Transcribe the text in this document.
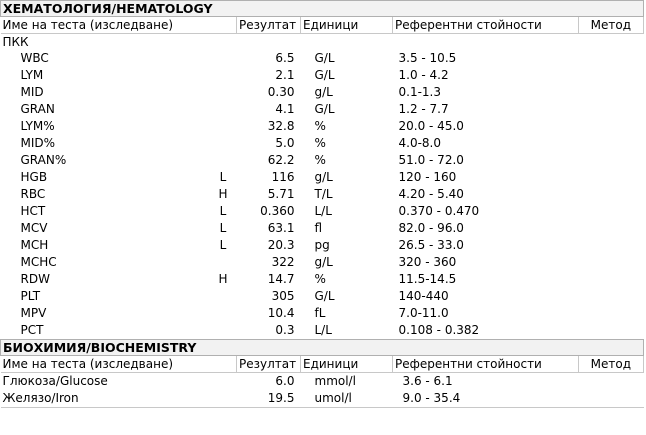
ХЕМАТОЛОГИЯ/HEMATOLOGY					
Име на теста (изследване)		Резултат	Единици	Референтни стойности	Метод
ПКК					
WBC		6.5	G/L	3.5 - 10.5	
LYM		2.1	G/L	1.0 - 4.2	
MID		0.30	g/L	0.1-1.3	
GRAN		4.1	G/L	1.2 - 7.7	
LYM%		32.8	%	20.0 - 45.0	
MID%		5.0	%	4.0-8.0	
GRAN%		62.2	%	51.0 - 72.0	
HGB	L	116	g/L	120 - 160	
RBC	H	5.71	T/L	4.20 - 5.40	
HCT	L	0.360	L/L	0.370 - 0.470	
MCV	L	63.1	fl	82.0 - 96.0	
MCH	L	20.3	pg	26.5 - 33.0	
MCHC		322	g/L	320 - 360	
RDW	H	14.7	%	11.5-14.5	
PLT		305	G/L	140-440	
MPV		10.4	fL	7.0-11.0	
PCT		0.3	L/L	0.108 - 0.382	
БИОХИМИЯ/BIOCHEMISTRY					
Име на теста (изследване)		Резултат	Единици	Референтни стойности	Метод
Глюкоза/Glucose		6.0	mmol/l	3.6 - 6.1	
Желязо/Iron		19.5	umol/l	9.0 - 35.4	
